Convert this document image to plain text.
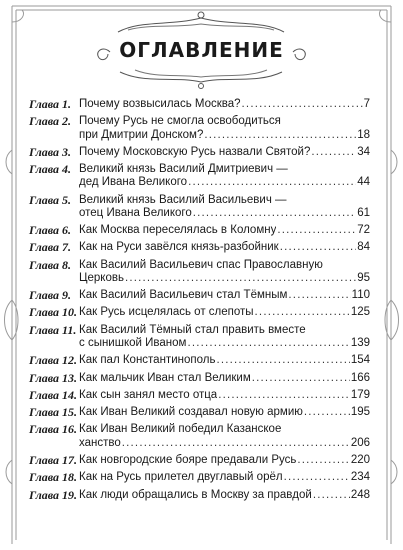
ОГЛАВЛЕНИЕ
Глава 1. Почему возвысилась Москва? . . .	7
Глава 2. Почему Русь не смогла освободиться
при Дмитрии Донском? . . .	18
Глава 3. Почему Московскую Русь назвали Святой? . . .	34
Глава 4. Великий князь Василий Дмитриевич —
дед Ивана Великого . . .	44
Глава 5. Великий князь Василий Васильевич —
отец Ивана Великого . . .	61
Глава 6. Как Москва переселялась в Коломну . . .	72
Глава 7. Как на Руси завёлся князь-разбойник . . .	84
Глава 8. Как Василий Васильевич спас Православную
Церковь . . .	95
Глава 9. Как Василий Васильевич стал Тёмным . . .	110
Глава 10. Как Русь исцелялась от слепоты . . .	125
Глава 11. Как Василий Тёмный стал править вместе
с сынишкой Иваном . . .	139
Глава 12. Как пал Константинополь . . .	154
Глава 13. Как мальчик Иван стал Великим . . .	166
Глава 14. Как сын занял место отца . . .	179
Глава 15. Как Иван Великий создавал новую армию . . .	195
Глава 16. Как Иван Великий победил Казанское
ханство . . .	206
Глава 17. Как новгородские бояре предавали Русь . . .	220
Глава 18. Как на Русь прилетел двуглавый орёл . . .	234
Глава 19. Как люди обращались в Москву за правдой . . .	248
